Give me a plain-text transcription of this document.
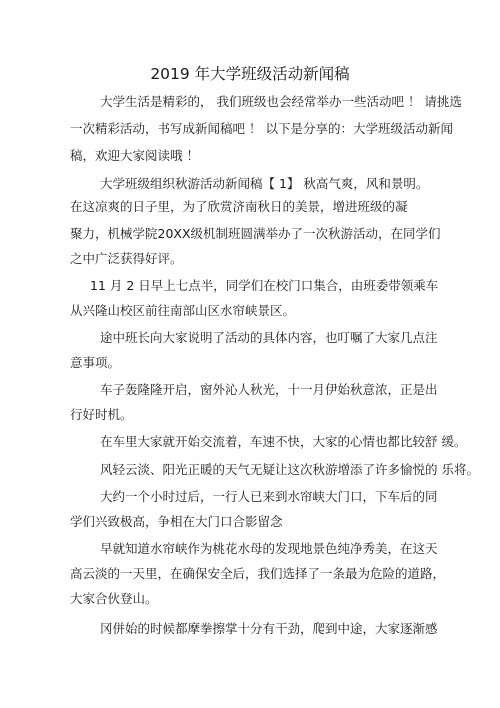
2019 年大学班级活动新闻稿
大学生活是精彩的， 我们班级也会经常举办一些活动吧 ！ 请挑选
一次精彩活动，书写成新闻稿吧 ！ 以下是分享的：大学班级活动新闻
稿，欢迎大家阅读哦 ！
大学班级组织秋游活动新闻稿【 1】 秋高气爽，风和景明。
在这凉爽的日子里，为了欣赏济南秋日的美景，增进班级的凝
聚力，机械学院20XX级机制班圆满举办了一次秋游活动，在同学们
之中广泛获得好评。
11 月 2 日早上七点半，同学们在校门口集合，由班委带领乘车
从兴隆山校区前往南部山区水帘峡景区。
途中班长向大家说明了活动的具体内容，也叮嘱了大家几点注
意事项。
车子轰隆隆开启，窗外沁人秋光，十一月伊始秋意浓，正是出
行好时机。
在车里大家就开始交流着，车速不快，大家的心情也都比较舒 缓。
风轻云淡、阳光正暖的天气无疑让这次秋游增添了许多愉悦的 乐将。
大约一个小时过后，一行人已来到水帘峡大门口，下车后的同
学们兴致极高，争相在大门口合影留念
早就知道水帘峡作为桃花水母的发现地景色纯净秀美，在这天
高云淡的一天里，在确保安全后，我们选择了一条最为危险的道路，
大家合伙登山。
冈併始的时候都摩拳擦掌十分有干劲，爬到中途，大家逐渐感
